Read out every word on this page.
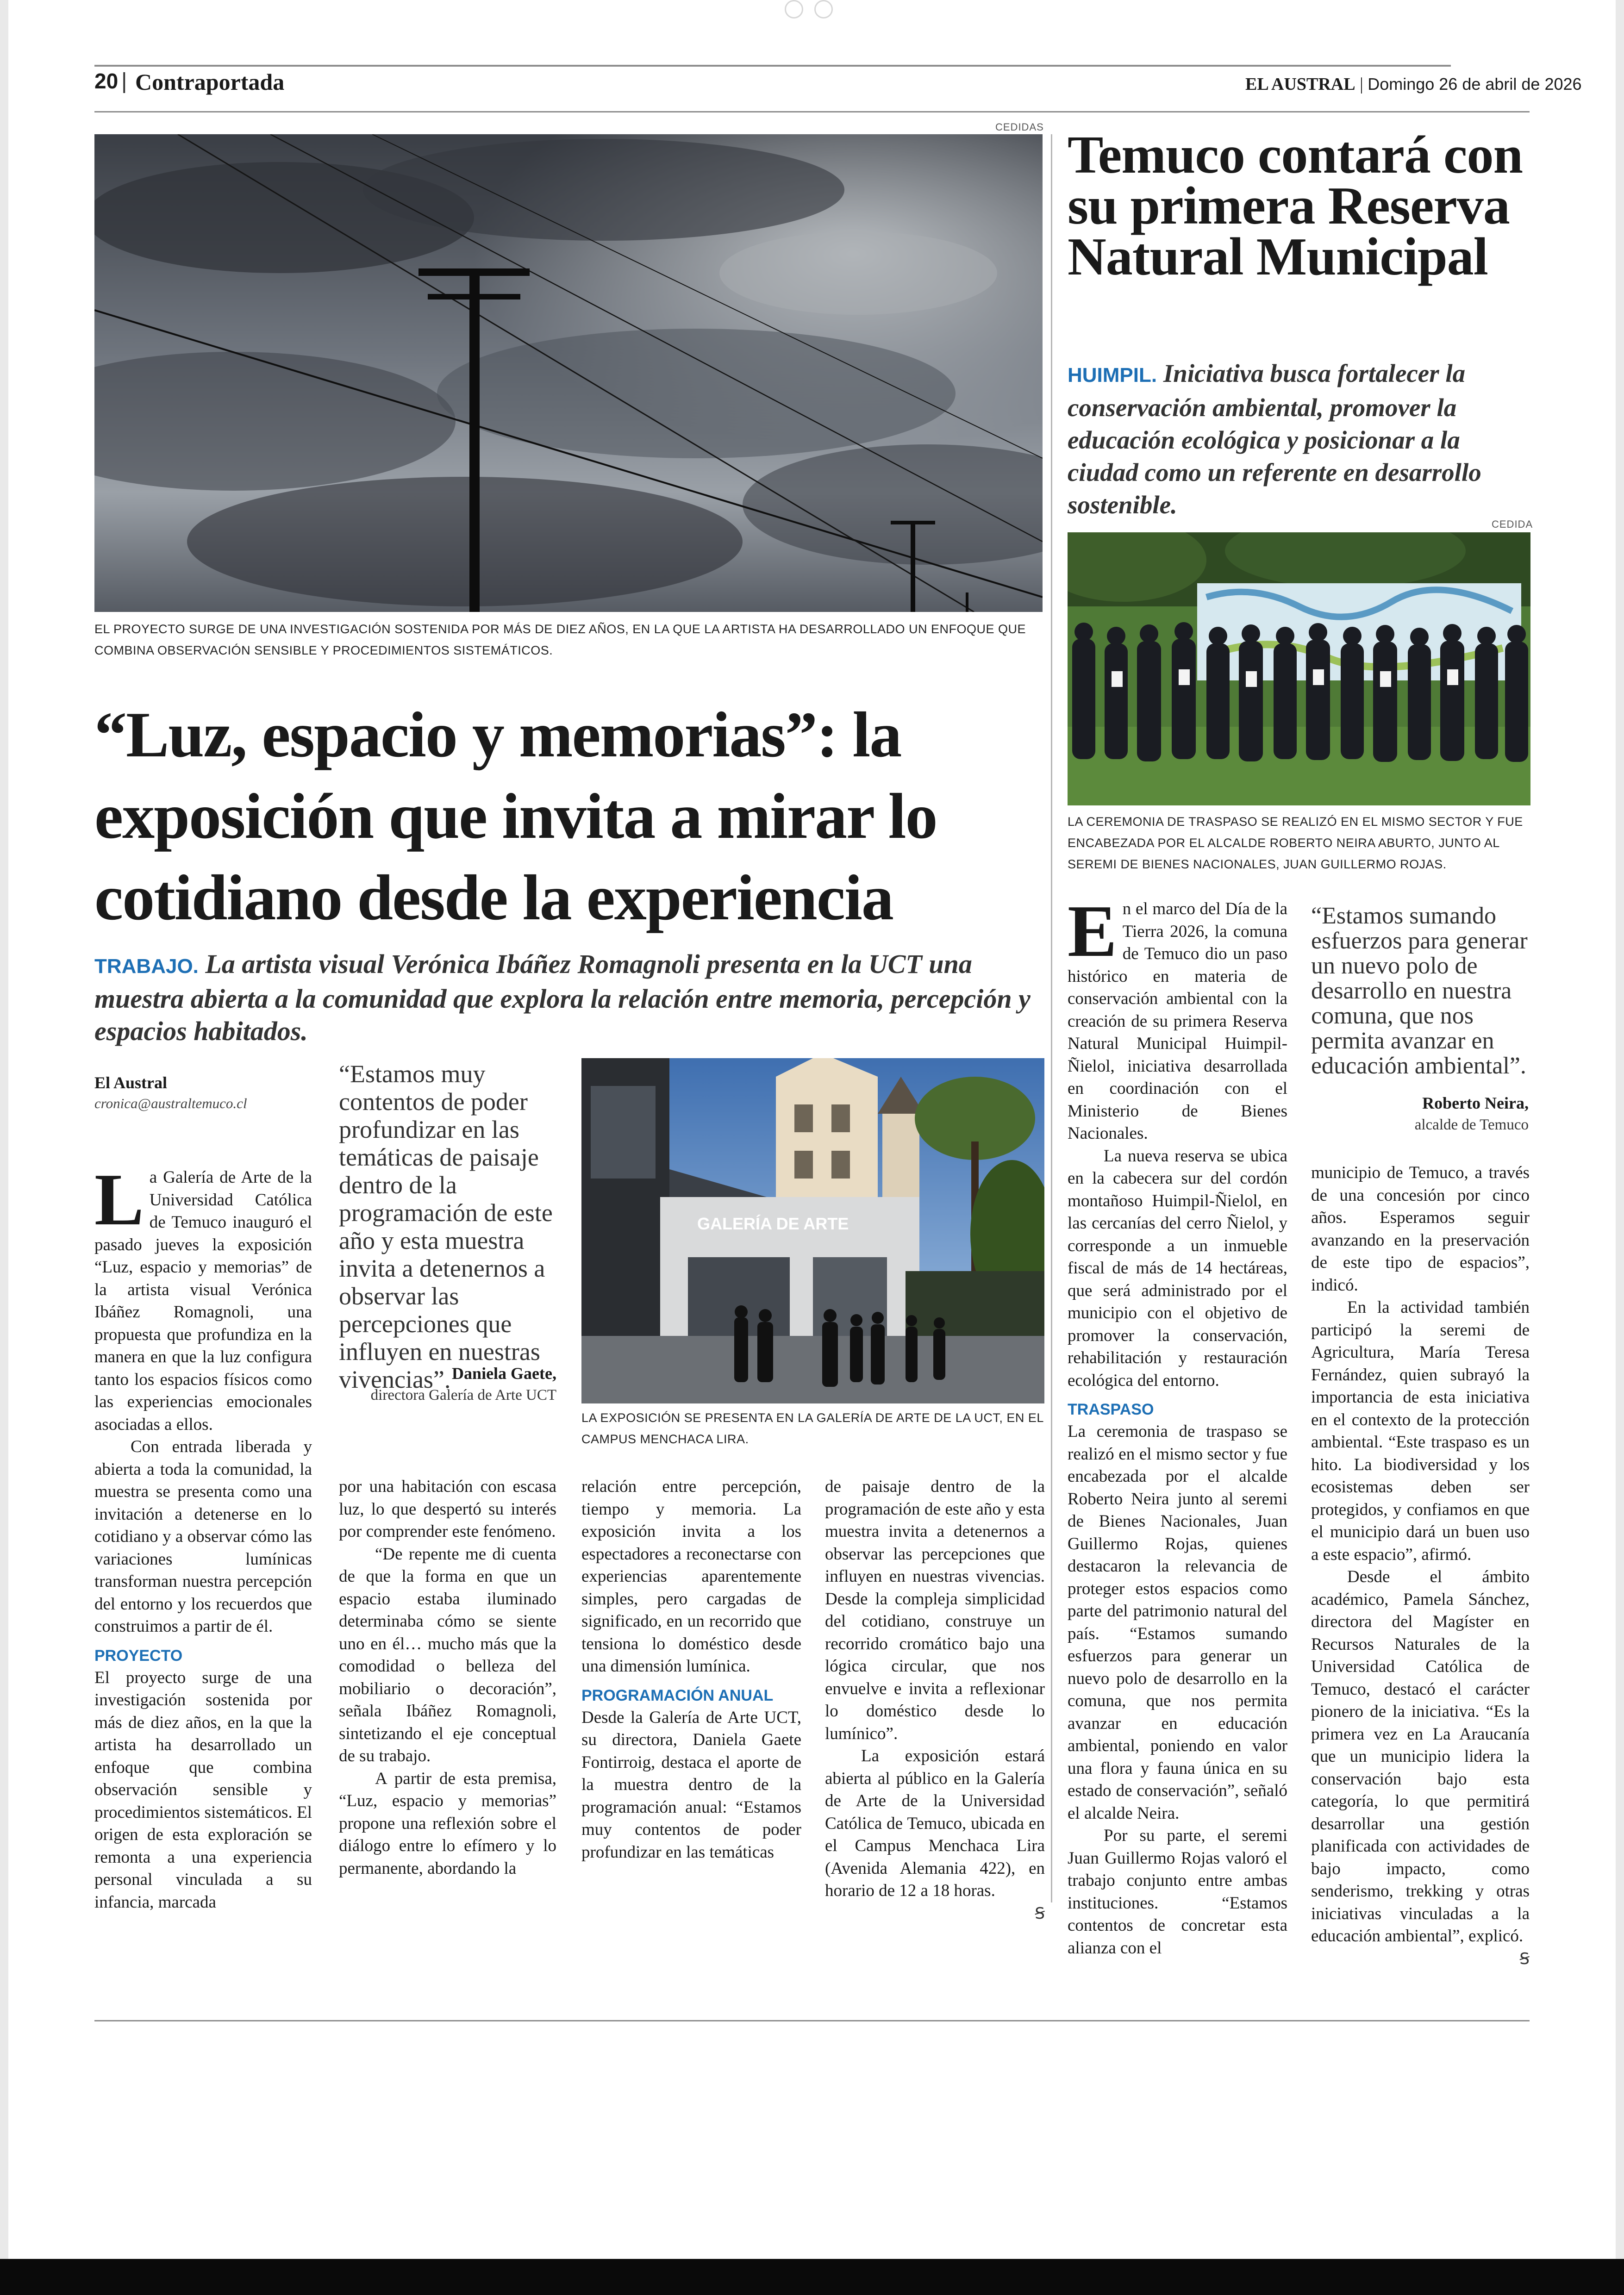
20 | Contraportada	EL AUSTRAL | Domingo 26 de abril de 2026
CEDIDAS
EL PROYECTO SURGE DE UNA INVESTIGACIÓN SOSTENIDA POR MÁS DE DIEZ AÑOS, EN LA QUE LA ARTISTA HA DESARROLLADO UN ENFOQUE QUE COMBINA OBSERVACIÓN SENSIBLE Y PROCEDIMIENTOS SISTEMÁTICOS.
“Luz, espacio y memorias”: la exposición que invita a mirar lo cotidiano desde la experiencia
TRABAJO. La artista visual Verónica Ibáñez Romagnoli presenta en la UCT una muestra abierta a la comunidad que explora la relación entre memoria, percepción y espacios habitados.
El Austral
cronica@australtemuco.cl

La Galería de Arte de la Universidad Católica de Temuco inauguró el pasado jueves la exposición “Luz, espacio y memorias” de la artista visual Verónica Ibáñez Romagnoli, una propuesta que profundiza en la manera en que la luz configura tanto los espacios físicos como las experiencias emocionales asociadas a ellos.

Con entrada liberada y abierta a toda la comunidad, la muestra se presenta como una invitación a detenerse en lo cotidiano y a observar cómo las variaciones lumínicas transforman nuestra percepción del entorno y los recuerdos que construimos a partir de él.

PROYECTO

El proyecto surge de una investigación sostenida por más de diez años, en la que la artista ha desarrollado un enfoque que combina observación sensible y procedimientos sistemáticos. El origen de esta exploración se remonta a una experiencia personal vinculada a su infancia, marcada

“Estamos muy contentos de poder profundizar en las temáticas de paisaje dentro de la programación de este año y esta muestra invita a detenernos a observar las percepciones que influyen en nuestras vivencias”. Daniela Gaete,
directora Galería de Arte UCT

por una habitación con escasa luz, lo que despertó su interés por comprender este fenómeno.

“De repente me di cuenta de que la forma en que un espacio estaba iluminado determinaba cómo se siente uno en él… mucho más que la comodidad o belleza del mobiliario o decoración”, señala Ibáñez Romagnoli, sintetizando el eje conceptual de su trabajo.

A partir de esta premisa, “Luz, espacio y memorias” propone una reflexión sobre el diálogo entre lo efímero y lo permanente, abordando la

GALERÍA DE ARTE
LA EXPOSICIÓN SE PRESENTA EN LA GALERÍA DE ARTE DE LA UCT, EN EL CAMPUS MENCHACA LIRA.

relación entre percepción, tiempo y memoria. La exposición invita a los espectadores a reconectarse con experiencias aparentemente simples, pero cargadas de significado, en un recorrido que tensiona lo doméstico desde una dimensión lumínica.

PROGRAMACIÓN ANUAL

Desde la Galería de Arte UCT, su directora, Daniela Gaete Fontirroig, destaca el aporte de la muestra dentro de la programación anual: “Estamos muy contentos de poder profundizar en las temáticas

de paisaje dentro de la programación de este año y esta muestra invita a detenernos a observar las percepciones que influyen en nuestras vivencias. Desde la compleja simplicidad del cotidiano, construye un recorrido cromático bajo una lógica circular, que nos envuelve e invita a reflexionar lo doméstico desde lo lumínico”.

La exposición estará abierta al público en la Galería de Arte de la Universidad Católica de Temuco, ubicada en el Campus Menchaca Lira (Avenida Alemania 422), en horario de 12 a 18 horas.

Ꞩ
Temuco contará con su primera Reserva Natural Municipal
HUIMPIL. Iniciativa busca fortalecer la conservación ambiental, promover la educación ecológica y posicionar a la ciudad como un referente en desarrollo sostenible.
CEDIDA
LA CEREMONIA DE TRASPASO SE REALIZÓ EN EL MISMO SECTOR Y FUE ENCABEZADA POR EL ALCALDE ROBERTO NEIRA ABURTO, JUNTO AL SEREMI DE BIENES NACIONALES, JUAN GUILLERMO ROJAS.

En el marco del Día de la Tierra 2026, la comuna de Temuco dio un paso histórico en materia de conservación ambiental con la creación de su primera Reserva Natural Municipal Huimpil-Ñielol, iniciativa desarrollada en coordinación con el Ministerio de Bienes Nacionales.

La nueva reserva se ubica en la cabecera sur del cordón montañoso Huimpil-Ñielol, en las cercanías del cerro Ñielol, y corresponde a un inmueble fiscal de más de 14 hectáreas, que será administrado por el municipio con el objetivo de promover la conservación, rehabilitación y restauración ecológica del entorno.

TRASPASO

La ceremonia de traspaso se realizó en el mismo sector y fue encabezada por el alcalde Roberto Neira junto al seremi de Bienes Nacionales, Juan Guillermo Rojas, quienes destacaron la relevancia de proteger estos espacios como parte del patrimonio natural del país. “Estamos sumando esfuerzos para generar un nuevo polo de desarrollo en la comuna, que nos permita avanzar en educación ambiental, poniendo en valor una flora y fauna única en su estado de conservación”, señaló el alcalde Neira.

Por su parte, el seremi Juan Guillermo Rojas valoró el trabajo conjunto entre ambas instituciones. “Estamos contentos de concretar esta alianza con el

“Estamos sumando esfuerzos para generar un nuevo polo de desarrollo en nuestra comuna, que nos permita avanzar en educación ambiental”.
Roberto Neira,
alcalde de Temuco

municipio de Temuco, a través de una concesión por cinco años. Esperamos seguir avanzando en la preservación de este tipo de espacios”, indicó.

En la actividad también participó la seremi de Agricultura, María Teresa Fernández, quien subrayó la importancia de esta iniciativa en el contexto de la protección ambiental. “Este traspaso es un hito. La biodiversidad y los ecosistemas deben ser protegidos, y confiamos en que el municipio dará un buen uso a este espacio”, afirmó.

Desde el ámbito académico, Pamela Sánchez, directora del Magíster en Recursos Naturales de la Universidad Católica de Temuco, destacó el carácter pionero de la iniciativa. “Es la primera vez en La Araucanía que un municipio lidera la conservación bajo esta categoría, lo que permitirá desarrollar una gestión planificada con actividades de bajo impacto, como senderismo, trekking y otras iniciativas vinculadas a la educación ambiental”, explicó.

Ꞩ
